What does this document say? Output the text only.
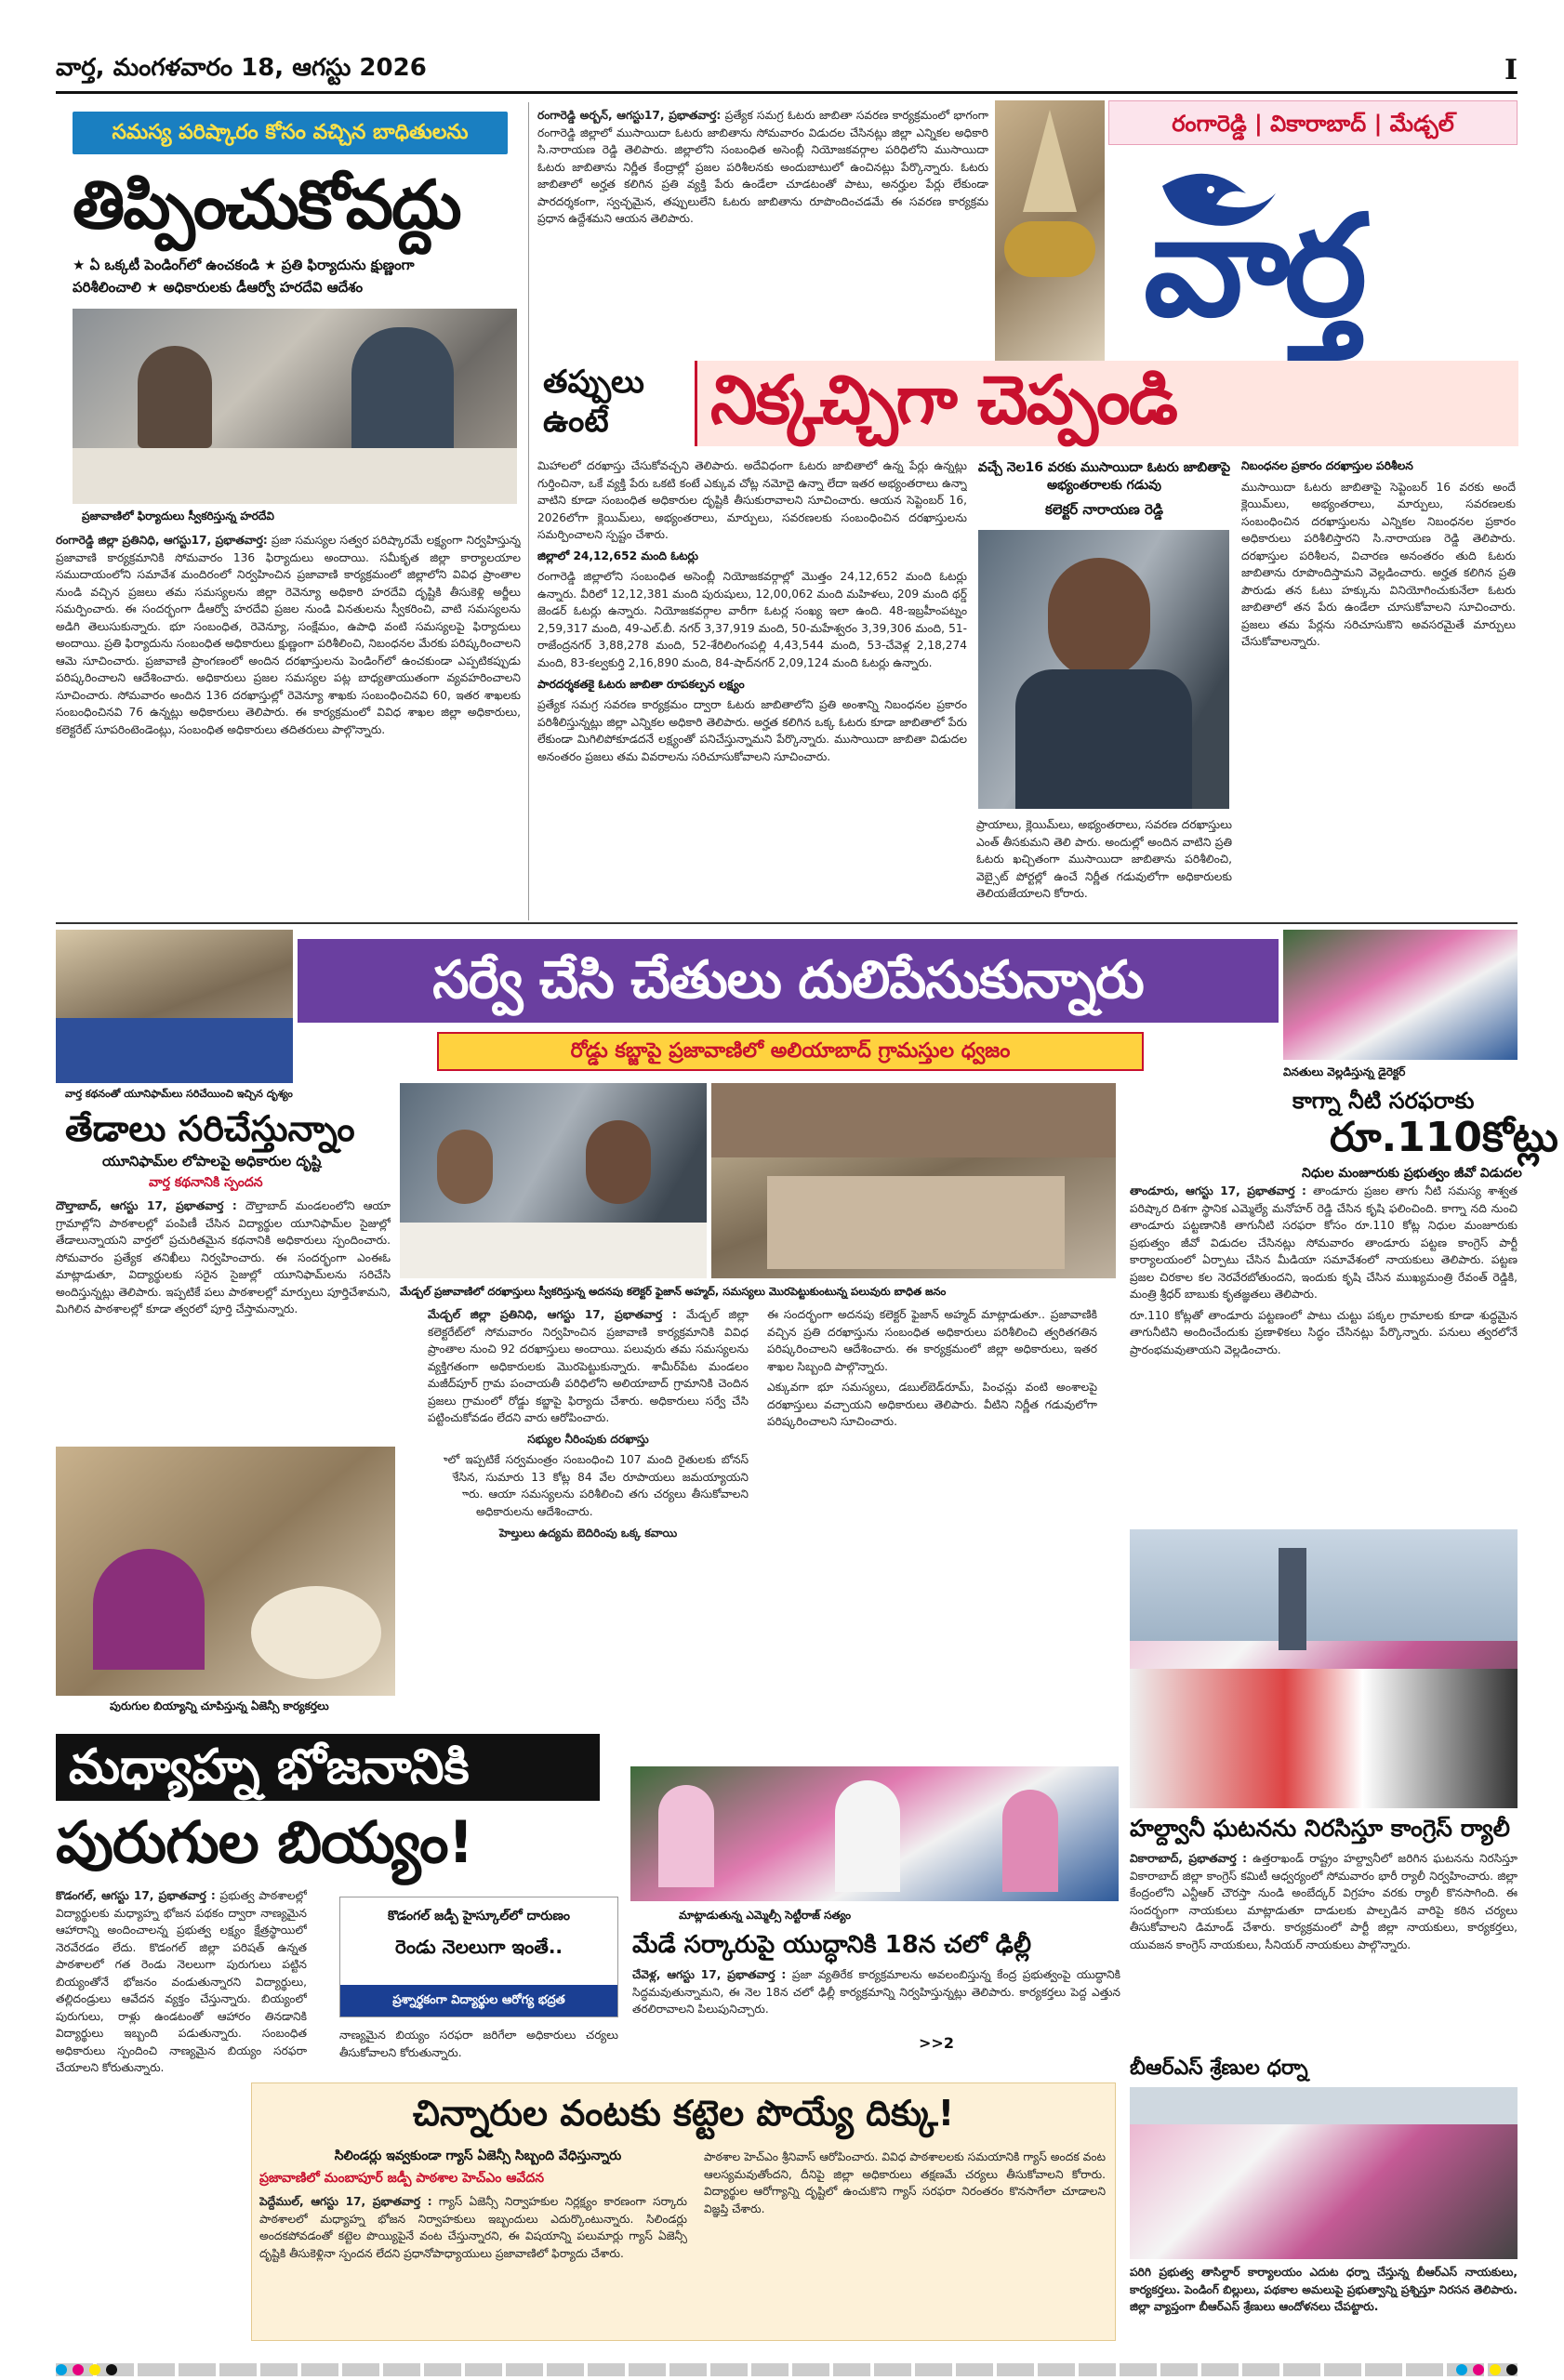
వార్త, మంగళవారం 18, ఆగస్టు 2026	I
సమస్య పరిష్కారం కోసం వచ్చిన బాధితులను
తిప్పించుకోవద్దు
★ ఏ ఒక్కటీ పెండింగ్‌లో ఉంచకండి ★ ప్రతి ఫిర్యాదును క్షుణ్ణంగా
పరిశీలించాలి ★ అధికారులకు డీఆర్వో హరదేవి ఆదేశం
ప్రజావాణిలో ఫిర్యాదులు స్వీకరిస్తున్న హరదేవి

రంగారెడ్డి జిల్లా ప్రతినిధి, ఆగస్టు17, ప్రభాతవార్త: ప్రజా సమస్యల సత్వర పరిష్కారమే లక్ష్యంగా నిర్వహిస్తున్న ప్రజావాణి కార్యక్రమానికి సోమవారం 136 ఫిర్యాదులు అందాయి. సమీకృత జిల్లా కార్యాలయాల సముదాయంలోని సమావేశ మందిరంలో నిర్వహించిన ప్రజావాణి కార్యక్రమంలో జిల్లాలోని వివిధ ప్రాంతాల నుండి వచ్చిన ప్రజలు తమ సమస్యలను జిల్లా రెవెన్యూ అధికారి హరదేవి దృష్టికి తీసుకెళ్లి అర్జీలు సమర్పించారు. ఈ సందర్భంగా డీఆర్వో హరదేవి ప్రజల నుండి వినతులను స్వీకరించి, వాటి సమస్యలను అడిగి తెలుసుకున్నారు. భూ సంబంధిత, రెవెన్యూ, సంక్షేమం, ఉపాధి వంటి సమస్యలపై ఫిర్యాదులు అందాయి. ప్రతి ఫిర్యాదును సంబంధిత అధికారులు క్షుణ్ణంగా పరిశీలించి, నిబంధనల మేరకు పరిష్కరించాలని ఆమె సూచించారు. ప్రజావాణి ప్రాంగణంలో అందిన దరఖాస్తులను పెండింగ్‌లో ఉంచకుండా ఎప్పటికప్పుడు పరిష్కరించాలని ఆదేశించారు. అధికారులు ప్రజల సమస్యల పట్ల బాధ్యతాయుతంగా వ్యవహరించాలని సూచించారు. సోమవారం అందిన 136 దరఖాస్తుల్లో రెవెన్యూ శాఖకు సంబంధించినవి 60, ఇతర శాఖలకు సంబంధించినవి 76 ఉన్నట్లు అధికారులు తెలిపారు. ఈ కార్యక్రమంలో వివిధ శాఖల జిల్లా అధికారులు, కలెక్టరేట్ సూపరింటెండెంట్లు, సంబంధిత అధికారులు తదితరులు పాల్గొన్నారు.

రంగారెడ్డి అర్బన్, ఆగస్టు17, ప్రభాతవార్త: ప్రత్యేక సమగ్ర ఓటరు జాబితా సవరణ కార్యక్రమంలో భాగంగా రంగారెడ్డి జిల్లాలో ముసాయిదా ఓటరు జాబితాను సోమవారం విడుదల చేసినట్లు జిల్లా ఎన్నికల అధికారి సి.నారాయణ రెడ్డి తెలిపారు. జిల్లాలోని సంబంధిత అసెంబ్లీ నియోజకవర్గాల పరిధిలోని ముసాయిదా ఓటరు జాబితాను నిర్ణీత కేంద్రాల్లో ప్రజల పరిశీలనకు అందుబాటులో ఉంచినట్లు పేర్కొన్నారు. ఓటరు జాబితాలో అర్హత కలిగిన ప్రతి వ్యక్తి పేరు ఉండేలా చూడటంతో పాటు, అనర్హుల పేర్లు లేకుండా పారదర్శకంగా, స్వచ్ఛమైన, తప్పులులేని ఓటరు జాబితాను రూపొందించడమే ఈ సవరణ కార్యక్రమ ప్రధాన ఉద్దేశమని ఆయన తెలిపారు.

రంగారెడ్డి | వికారాబాద్ | మేడ్చల్
వార్త
తప్పులు ఉంటే	నిక్కచ్చిగా చెప్పండి

మిహాలలో దరఖాస్తు చేసుకోవచ్చని తెలిపారు. అదేవిధంగా ఓటరు జాబితాలో ఉన్న పేర్లు ఉన్నట్లు గుర్తించినా, ఒకే వ్యక్తి పేరు ఒకటి కంటే ఎక్కువ చోట్ల నమోదై ఉన్నా లేదా ఇతర అభ్యంతరాలు ఉన్నా వాటిని కూడా సంబంధిత అధికారుల దృష్టికి తీసుకురావాలని సూచించారు. ఆయన సెప్టెంబర్ 16, 2026లోగా క్లెయిమ్‌లు, అభ్యంతరాలు, మార్పులు, సవరణలకు సంబంధించిన దరఖాస్తులను సమర్పించాలని స్పష్టం చేశారు.

జిల్లాలో 24,12,652 మంది ఓటర్లు

రంగారెడ్డి జిల్లాలోని సంబంధిత అసెంబ్లీ నియోజకవర్గాల్లో మొత్తం 24,12,652 మంది ఓటర్లు ఉన్నారు. వీరిలో 12,12,381 మంది పురుషులు, 12,00,062 మంది మహిళలు, 209 మంది థర్డ్ జెండర్ ఓటర్లు ఉన్నారు. నియోజకవర్గాల వారీగా ఓటర్ల సంఖ్య ఇలా ఉంది. 48-ఇబ్రహీంపట్నం 2,59,317 మంది, 49-ఎల్.బీ. నగర్ 3,37,919 మంది, 50-మహేశ్వరం 3,39,306 మంది, 51-రాజేంద్రనగర్ 3,88,278 మంది, 52-శేరిలింగంపల్లి 4,43,544 మంది, 53-చేవెళ్ల 2,18,274 మంది, 83-కల్వకుర్తి 2,16,890 మంది, 84-షాద్‌నగర్ 2,09,124 మంది ఓటర్లు ఉన్నారు.

పారదర్శకతకై ఓటరు జాబితా రూపకల్పన లక్ష్యం

ప్రత్యేక సమగ్ర సవరణ కార్యక్రమం ద్వారా ఓటరు జాబితాలోని ప్రతి అంశాన్ని నిబంధనల ప్రకారం పరిశీలిస్తున్నట్లు జిల్లా ఎన్నికల అధికారి తెలిపారు. అర్హత కలిగిన ఒక్క ఓటరు కూడా జాబితాలో పేరు లేకుండా మిగిలిపోకూడదనే లక్ష్యంతో పనిచేస్తున్నామని పేర్కొన్నారు. ముసాయిదా జాబితా విడుదల అనంతరం ప్రజలు తమ వివరాలను సరిచూసుకోవాలని సూచించారు.

వచ్చే నెల16 వరకు ముసాయిదా ఓటరు జాబితాపై అభ్యంతరాలకు గడువు
కలెక్టర్ నారాయణ రెడ్డి

ప్రాయాలు, క్లెయిమ్‌లు, అభ్యంతరాలు, సవరణ దరఖాస్తులు ఎంత్ తీసకుమని తెలి పారు. అందుల్లో అందిన వాటిని ప్రతి ఓటరు ఖచ్చితంగా ముసాయిదా జాబితాను పరిశీలించి, వెబ్సైట్ పోర్టల్లో ఉంచే నిర్ణీత గడువులోగా అధికారులకు తెలియజేయాలని కోరారు.

నిబంధనల ప్రకారం దరఖాస్తుల పరిశీలన

ముసాయిదా ఓటరు జాబితాపై సెప్టెంబర్ 16 వరకు అందే క్లెయిమ్‌లు, అభ్యంతరాలు, మార్పులు, సవరణలకు సంబంధించిన దరఖాస్తులను ఎన్నికల నిబంధనల ప్రకారం అధికారులు పరిశీలిస్తారని సి.నారాయణ రెడ్డి తెలిపారు. దరఖాస్తుల పరిశీలన, విచారణ అనంతరం తుది ఓటరు జాబితాను రూపొందిస్తామని వెల్లడించారు. అర్హత కలిగిన ప్రతి పౌరుడు తన ఓటు హక్కును వినియోగించుకునేలా ఓటరు జాబితాలో తన పేరు ఉండేలా చూసుకోవాలని సూచించారు. ప్రజలు తమ పేర్లను సరిచూసుకొని అవసరమైతే మార్పులు చేసుకోవాలన్నారు.

సర్వే చేసి చేతులు దులిపేసుకున్నారు
రోడ్డు కబ్జాపై ప్రజావాణిలో అలియాబాద్ గ్రామస్తుల ధ్వజం
వినతులు వెల్లడిస్తున్న డైరెక్టర్
వార్త కథనంతో యూనిఫామ్‌లు సరిచేయించి ఇచ్చిన దృశ్యం
తేడాలు సరిచేస్తున్నాం
యూనిఫామ్‌ల లోపాలపై అధికారుల దృష్టి
వార్త కథనానికి స్పందన

దౌల్తాబాద్, ఆగస్టు 17, ప్రభాతవార్త : దౌల్తాబాద్ మండలంలోని ఆయా గ్రామాల్లోని పాఠశాలల్లో పంపిణీ చేసిన విద్యార్థుల యూనిఫామ్‌ల సైజుల్లో తేడాలున్నాయని వార్తలో ప్రచురితమైన కథనానికి అధికారులు స్పందించారు. సోమవారం ప్రత్యేక తనిఖీలు నిర్వహించారు. ఈ సందర్భంగా ఎంఈఓ మాట్లాడుతూ, విద్యార్థులకు సరైన సైజుల్లో యూనిఫామ్‌లను సరిచేసి అందిస్తున్నట్లు తెలిపారు. ఇప్పటికే పలు పాఠశాలల్లో మార్పులు పూర్తిచేశామని, మిగిలిన పాఠశాలల్లో కూడా త్వరలో పూర్తి చేస్తామన్నారు.

పురుగుల బియ్యాన్ని చూపిస్తున్న ఏజెన్సీ కార్యకర్తలు
మేడ్చల్ ప్రజావాణిలో దరఖాస్తులు స్వీకరిస్తున్న అదనపు కలెక్టర్ ఫైజాన్ అహ్మద్, సమస్యలు మొరపెట్టుకుంటున్న పలువురు బాధిత జనం

మేడ్చల్ జిల్లా ప్రతినిధి, ఆగస్టు 17, ప్రభాతవార్త : మేడ్చల్ జిల్లా కలెక్టరేట్‌లో సోమవారం నిర్వహించిన ప్రజావాణి కార్యక్రమానికి వివిధ ప్రాంతాల నుంచి 92 దరఖాస్తులు అందాయి. పలువురు తమ సమస్యలను వ్యక్తిగతంగా అధికారులకు మొరపెట్టుకున్నారు. శామీర్‌పేట మండలం మజీద్‌పూర్ గ్రామ పంచాయతీ పరిధిలోని అలియాబాద్ గ్రామానికి చెందిన ప్రజలు గ్రామంలో రోడ్డు కబ్జాపై ఫిర్యాదు చేశారు. అధికారులు సర్వే చేసి పట్టించుకోవడం లేదని వారు ఆరోపించారు.

సభ్యుల నీరింపుకు దరఖాస్తు

జిల్లాలో ఇప్పటికే సర్వమంత్రం సంబంధించి 107 మంది రైతులకు బోనస్ అందజేసిన, సుమారు 13 కోట్ల 84 వేల రూపాయలు జమయ్యాయని వివరించారు. ఆయా సమస్యలను పరిశీలించి తగు చర్యలు తీసుకోవాలని సంబంధిత అధికారులను ఆదేశించారు.

హెల్తులు ఉద్యమ బెదిరింపు ఒక్క కవాయి

ఈ సందర్భంగా అదనపు కలెక్టర్ ఫైజాన్ అహ్మద్ మాట్లాడుతూ.. ప్రజావాణికి వచ్చిన ప్రతి దరఖాస్తును సంబంధిత అధికారులు పరిశీలించి త్వరితగతిన పరిష్కరించాలని ఆదేశించారు. ఈ కార్యక్రమంలో జిల్లా అధికారులు, ఇతర శాఖల సిబ్బంది పాల్గొన్నారు.

ఎక్కువగా భూ సమస్యలు, డబుల్‌బెడ్‌రూమ్, పింఛన్లు వంటి అంశాలపై దరఖాస్తులు వచ్చాయని అధికారులు తెలిపారు. వీటిని నిర్ణీత గడువులోగా పరిష్కరించాలని సూచించారు.

కాగ్నా నీటి సరఫరాకు
రూ.110కోట్లు
నిధుల మంజూరుకు ప్రభుత్వం జీవో విడుదల

తాండూరు, ఆగస్టు 17, ప్రభాతవార్త : తాండూరు ప్రజల తాగు నీటి సమస్య శాశ్వత పరిష్కార దిశగా స్థానిక ఎమ్మెల్యే మనోహర్ రెడ్డి చేసిన కృషి ఫలించింది. కాగ్నా నది నుంచి తాండూరు పట్టణానికి తాగునీటి సరఫరా కోసం రూ.110 కోట్ల నిధుల మంజూరుకు ప్రభుత్వం జీవో విడుదల చేసినట్లు సోమవారం తాండూరు పట్టణ కాంగ్రెస్ పార్టీ కార్యాలయంలో ఏర్పాటు చేసిన మీడియా సమావేశంలో నాయకులు తెలిపారు. పట్టణ ప్రజల చిరకాల కల నెరవేరబోతుందని, ఇందుకు కృషి చేసిన ముఖ్యమంత్రి రేవంత్ రెడ్డికి, మంత్రి శ్రీధర్ బాబుకు కృతజ్ఞతలు తెలిపారు.

రూ.110 కోట్లతో తాండూరు పట్టణంలో పాటు చుట్టు పక్కల గ్రామాలకు కూడా శుద్ధమైన తాగునీటిని అందించేందుకు ప్రణాళికలు సిద్ధం చేసినట్లు పేర్కొన్నారు. పనులు త్వరలోనే ప్రారంభమవుతాయని వెల్లడించారు.

హల్ద్వానీ ఘటనను నిరసిస్తూ కాంగ్రెస్ ర్యాలీ

వికారాబాద్, ప్రభాతవార్త : ఉత్తరాఖండ్ రాష్ట్రం హల్ద్వానీలో జరిగిన ఘటనను నిరసిస్తూ వికారాబాద్ జిల్లా కాంగ్రెస్ కమిటీ ఆధ్వర్యంలో సోమవారం భారీ ర్యాలీ నిర్వహించారు. జిల్లా కేంద్రంలోని ఎన్టీఆర్ చౌరస్తా నుండి అంబేద్కర్ విగ్రహం వరకు ర్యాలీ కొనసాగింది. ఈ సందర్భంగా నాయకులు మాట్లాడుతూ దాడులకు పాల్పడిన వారిపై కఠిన చర్యలు తీసుకోవాలని డిమాండ్ చేశారు. కార్యక్రమంలో పార్టీ జిల్లా నాయకులు, కార్యకర్తలు, యువజన కాంగ్రెస్ నాయకులు, సీనియర్ నాయకులు పాల్గొన్నారు.

మధ్యాహ్న భోజనానికి
పురుగుల బియ్యం!

కొడంగల్, ఆగస్టు 17, ప్రభాతవార్త : ప్రభుత్వ పాఠశాలల్లో విద్యార్థులకు మధ్యాహ్న భోజన పథకం ద్వారా నాణ్యమైన ఆహారాన్ని అందించాలన్న ప్రభుత్వ లక్ష్యం క్షేత్రస్థాయిలో నెరవేరడం లేదు. కొడంగల్ జిల్లా పరిషత్ ఉన్నత పాఠశాలలో గత రెండు నెలలుగా పురుగులు పట్టిన బియ్యంతోనే భోజనం వండుతున్నారని విద్యార్థులు, తల్లిదండ్రులు ఆవేదన వ్యక్తం చేస్తున్నారు. బియ్యంలో పురుగులు, రాళ్లు ఉండటంతో ఆహారం తినడానికి విద్యార్థులు ఇబ్బంది పడుతున్నారు. సంబంధిత అధికారులు స్పందించి నాణ్యమైన బియ్యం సరఫరా చేయాలని కోరుతున్నారు.

కొడంగల్ జడ్పీ హైస్కూల్‌లో దారుణం
రెండు నెలలుగా ఇంతే..
ప్రశ్నార్థకంగా విద్యార్థుల ఆరోగ్య భద్రత

నాణ్యమైన బియ్యం సరఫరా జరిగేలా అధికారులు చర్యలు తీసుకోవాలని కోరుతున్నారు.

మాట్లాడుతున్న ఎమ్మెల్సీ సెట్టీరాజ్ సత్యం
మేడే సర్కారుపై యుద్ధానికి 18న చలో ఢిల్లీ

చేవెళ్ల, ఆగస్టు 17, ప్రభాతవార్త : ప్రజా వ్యతిరేక కార్యక్రమాలను అవలంబిస్తున్న కేంద్ర ప్రభుత్వంపై యుద్ధానికి సిద్ధమవుతున్నామని, ఈ నెల 18న చలో ఢిల్లీ కార్యక్రమాన్ని నిర్వహిస్తున్నట్లు తెలిపారు. కార్యకర్తలు పెద్ద ఎత్తున తరలిరావాలని పిలుపునిచ్చారు.

>>2
బీఆర్ఎస్ శ్రేణుల ధర్నా

పరిగి ప్రభుత్వ తాసిల్దార్ కార్యాలయం ఎదుట ధర్నా చేస్తున్న బీఆర్ఎస్ నాయకులు, కార్యకర్తలు. పెండింగ్ బిల్లులు, పథకాల అమలుపై ప్రభుత్వాన్ని ప్రశ్నిస్తూ నిరసన తెలిపారు. జిల్లా వ్యాప్తంగా బీఆర్ఎస్ శ్రేణులు ఆందోళనలు చేపట్టారు.

చిన్నారుల వంటకు కట్టెల పొయ్యే దిక్కు!
సిలిండర్లు ఇవ్వకుండా గ్యాస్ ఏజెన్సీ సిబ్బంది వేధిస్తున్నారు
ప్రజావాణిలో మంబాపూర్ జడ్పీ పాఠశాల హెచ్ఎం ఆవేదన

పెద్దేముల్, ఆగస్టు 17, ప్రభాతవార్త : గ్యాస్ ఏజెన్సీ నిర్వాహకుల నిర్లక్ష్యం కారణంగా సర్కారు పాఠశాలలో మధ్యాహ్న భోజన నిర్వాహకులు ఇబ్బందులు ఎదుర్కొంటున్నారు. సిలిండర్లు అందకపోవడంతో కట్టెల పొయ్యిపైనే వంట చేస్తున్నారని, ఈ విషయాన్ని పలుమార్లు గ్యాస్ ఏజెన్సీ దృష్టికి తీసుకెళ్లినా స్పందన లేదని ప్రధానోపాధ్యాయులు ప్రజావాణిలో ఫిర్యాదు చేశారు.

పాఠశాల హెచ్ఎం శ్రీనివాస్ ఆరోపించారు. వివిధ పాఠశాలలకు సమయానికి గ్యాస్ అందక వంట ఆలస్యమవుతోందని, దీనిపై జిల్లా అధికారులు తక్షణమే చర్యలు తీసుకోవాలని కోరారు. విద్యార్థుల ఆరోగ్యాన్ని దృష్టిలో ఉంచుకొని గ్యాస్ సరఫరా నిరంతరం కొనసాగేలా చూడాలని విజ్ఞప్తి చేశారు.
